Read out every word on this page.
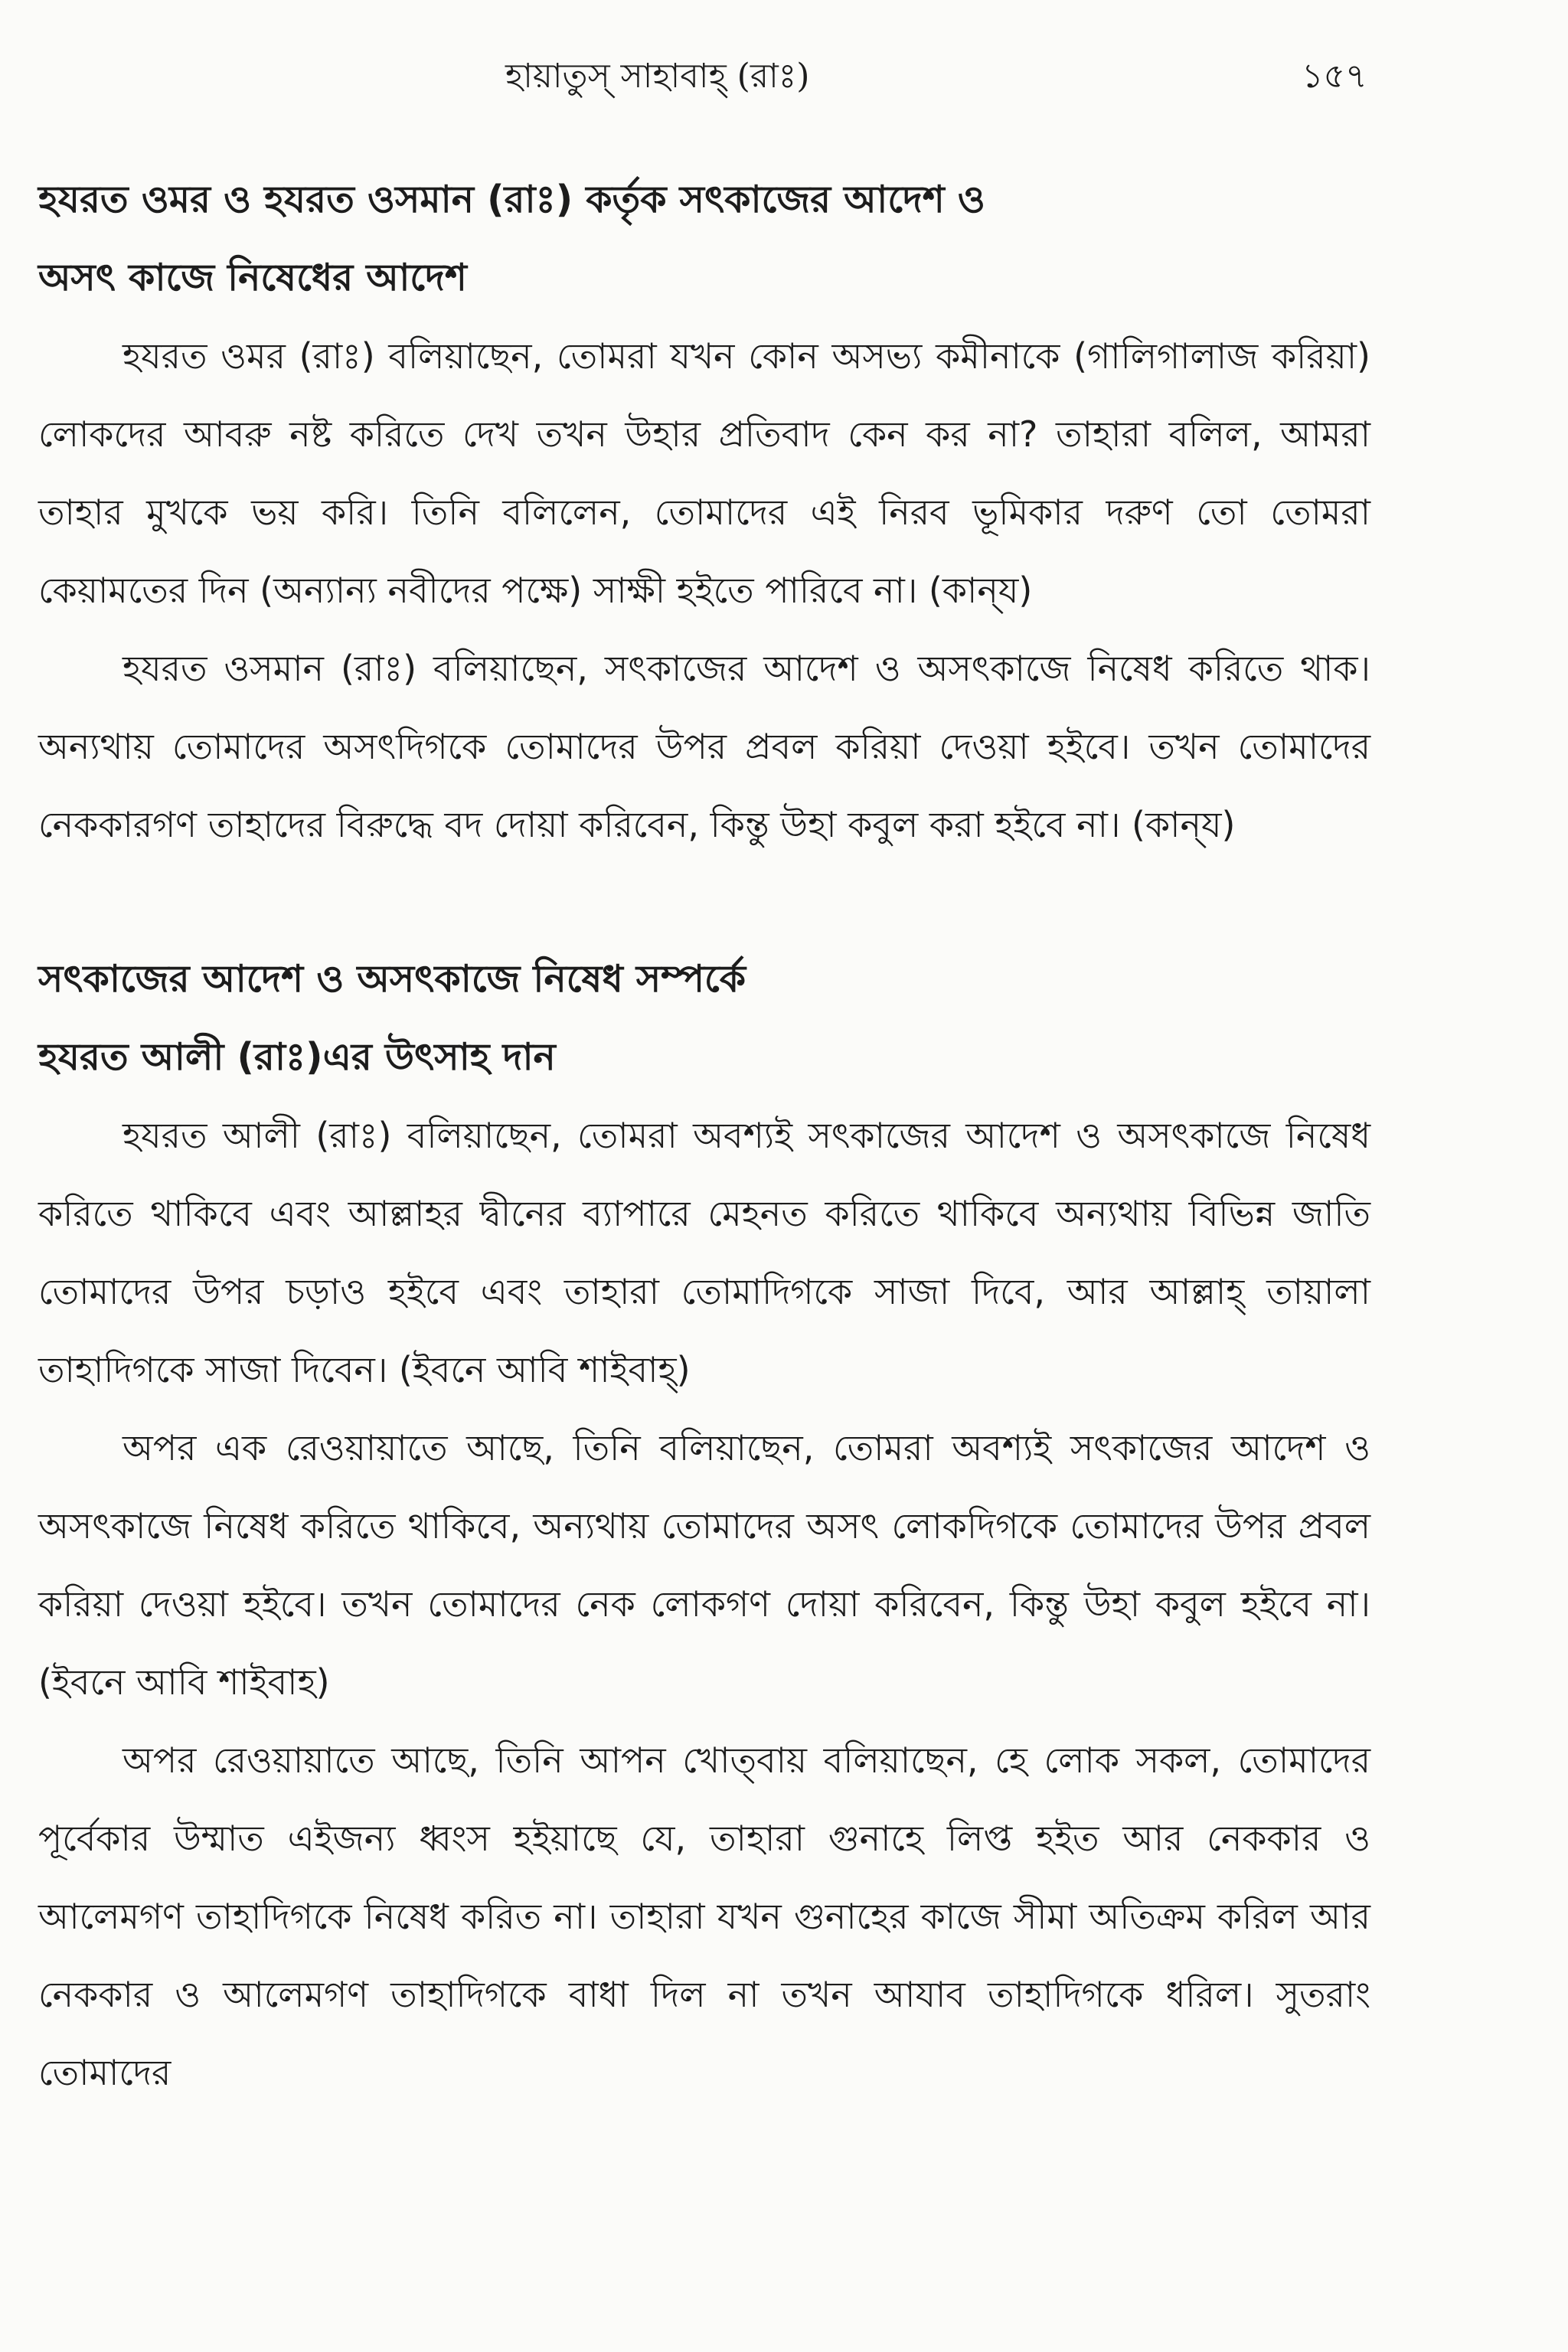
হায়াতুস্ সাহাবাহ্ (রাঃ)	১৫৭
হযরত ওমর ও হযরত ওসমান (রাঃ) কর্তৃক সৎকাজের আদেশ ও
অসৎ কাজে নিষেধের আদেশ

হযরত ওমর (রাঃ) বলিয়াছেন, তোমরা যখন কোন অসভ্য কমীনাকে (গালিগালাজ করিয়া) লোকদের আবরু নষ্ট করিতে দেখ তখন উহার প্রতিবাদ কেন কর না? তাহারা বলিল, আমরা তাহার মুখকে ভয় করি। তিনি বলিলেন, তোমাদের এই নিরব ভূমিকার দরুণ তো তোমরা কেয়ামতের দিন (অন্যান্য নবীদের পক্ষে) সাক্ষী হইতে পারিবে না। (কান্‌য)

হযরত ওসমান (রাঃ) বলিয়াছেন, সৎকাজের আদেশ ও অসৎকাজে নিষেধ করিতে থাক। অন্যথায় তোমাদের অসৎদিগকে তোমাদের উপর প্রবল করিয়া দেওয়া হইবে। তখন তোমাদের নেককারগণ তাহাদের বিরুদ্ধে বদ দোয়া করিবেন, কিন্তু উহা কবুল করা হইবে না। (কান্‌য)

সৎকাজের আদেশ ও অসৎকাজে নিষেধ সম্পর্কে
হযরত আলী (রাঃ)এর উৎসাহ দান

হযরত আলী (রাঃ) বলিয়াছেন, তোমরা অবশ্যই সৎকাজের আদেশ ও অসৎকাজে নিষেধ করিতে থাকিবে এবং আল্লাহর দ্বীনের ব্যাপারে মেহনত করিতে থাকিবে অন্যথায় বিভিন্ন জাতি তোমাদের উপর চড়াও হইবে এবং তাহারা তোমাদিগকে সাজা দিবে, আর আল্লাহ্ তায়ালা তাহাদিগকে সাজা দিবেন। (ইবনে আবি শাইবাহ্)

অপর এক রেওয়ায়াতে আছে, তিনি বলিয়াছেন, তোমরা অবশ্যই সৎকাজের আদেশ ও অসৎকাজে নিষেধ করিতে থাকিবে, অন্যথায় তোমাদের অসৎ লোকদিগকে তোমাদের উপর প্রবল করিয়া দেওয়া হইবে। তখন তোমাদের নেক লোকগণ দোয়া করিবেন, কিন্তু উহা কবুল হইবে না। (ইবনে আবি শাইবাহ)

অপর রেওয়ায়াতে আছে, তিনি আপন খোত্‌বায় বলিয়াছেন, হে লোক সকল, তোমাদের পূর্বেকার উম্মাত এইজন্য ধ্বংস হইয়াছে যে, তাহারা গুনাহে লিপ্ত হইত আর নেককার ও আলেমগণ তাহাদিগকে নিষেধ করিত না। তাহারা যখন গুনাহের কাজে সীমা অতিক্রম করিল আর নেককার ও আলেমগণ তাহাদিগকে বাধা দিল না তখন আযাব তাহাদিগকে ধরিল। সুতরাং তোমাদের
